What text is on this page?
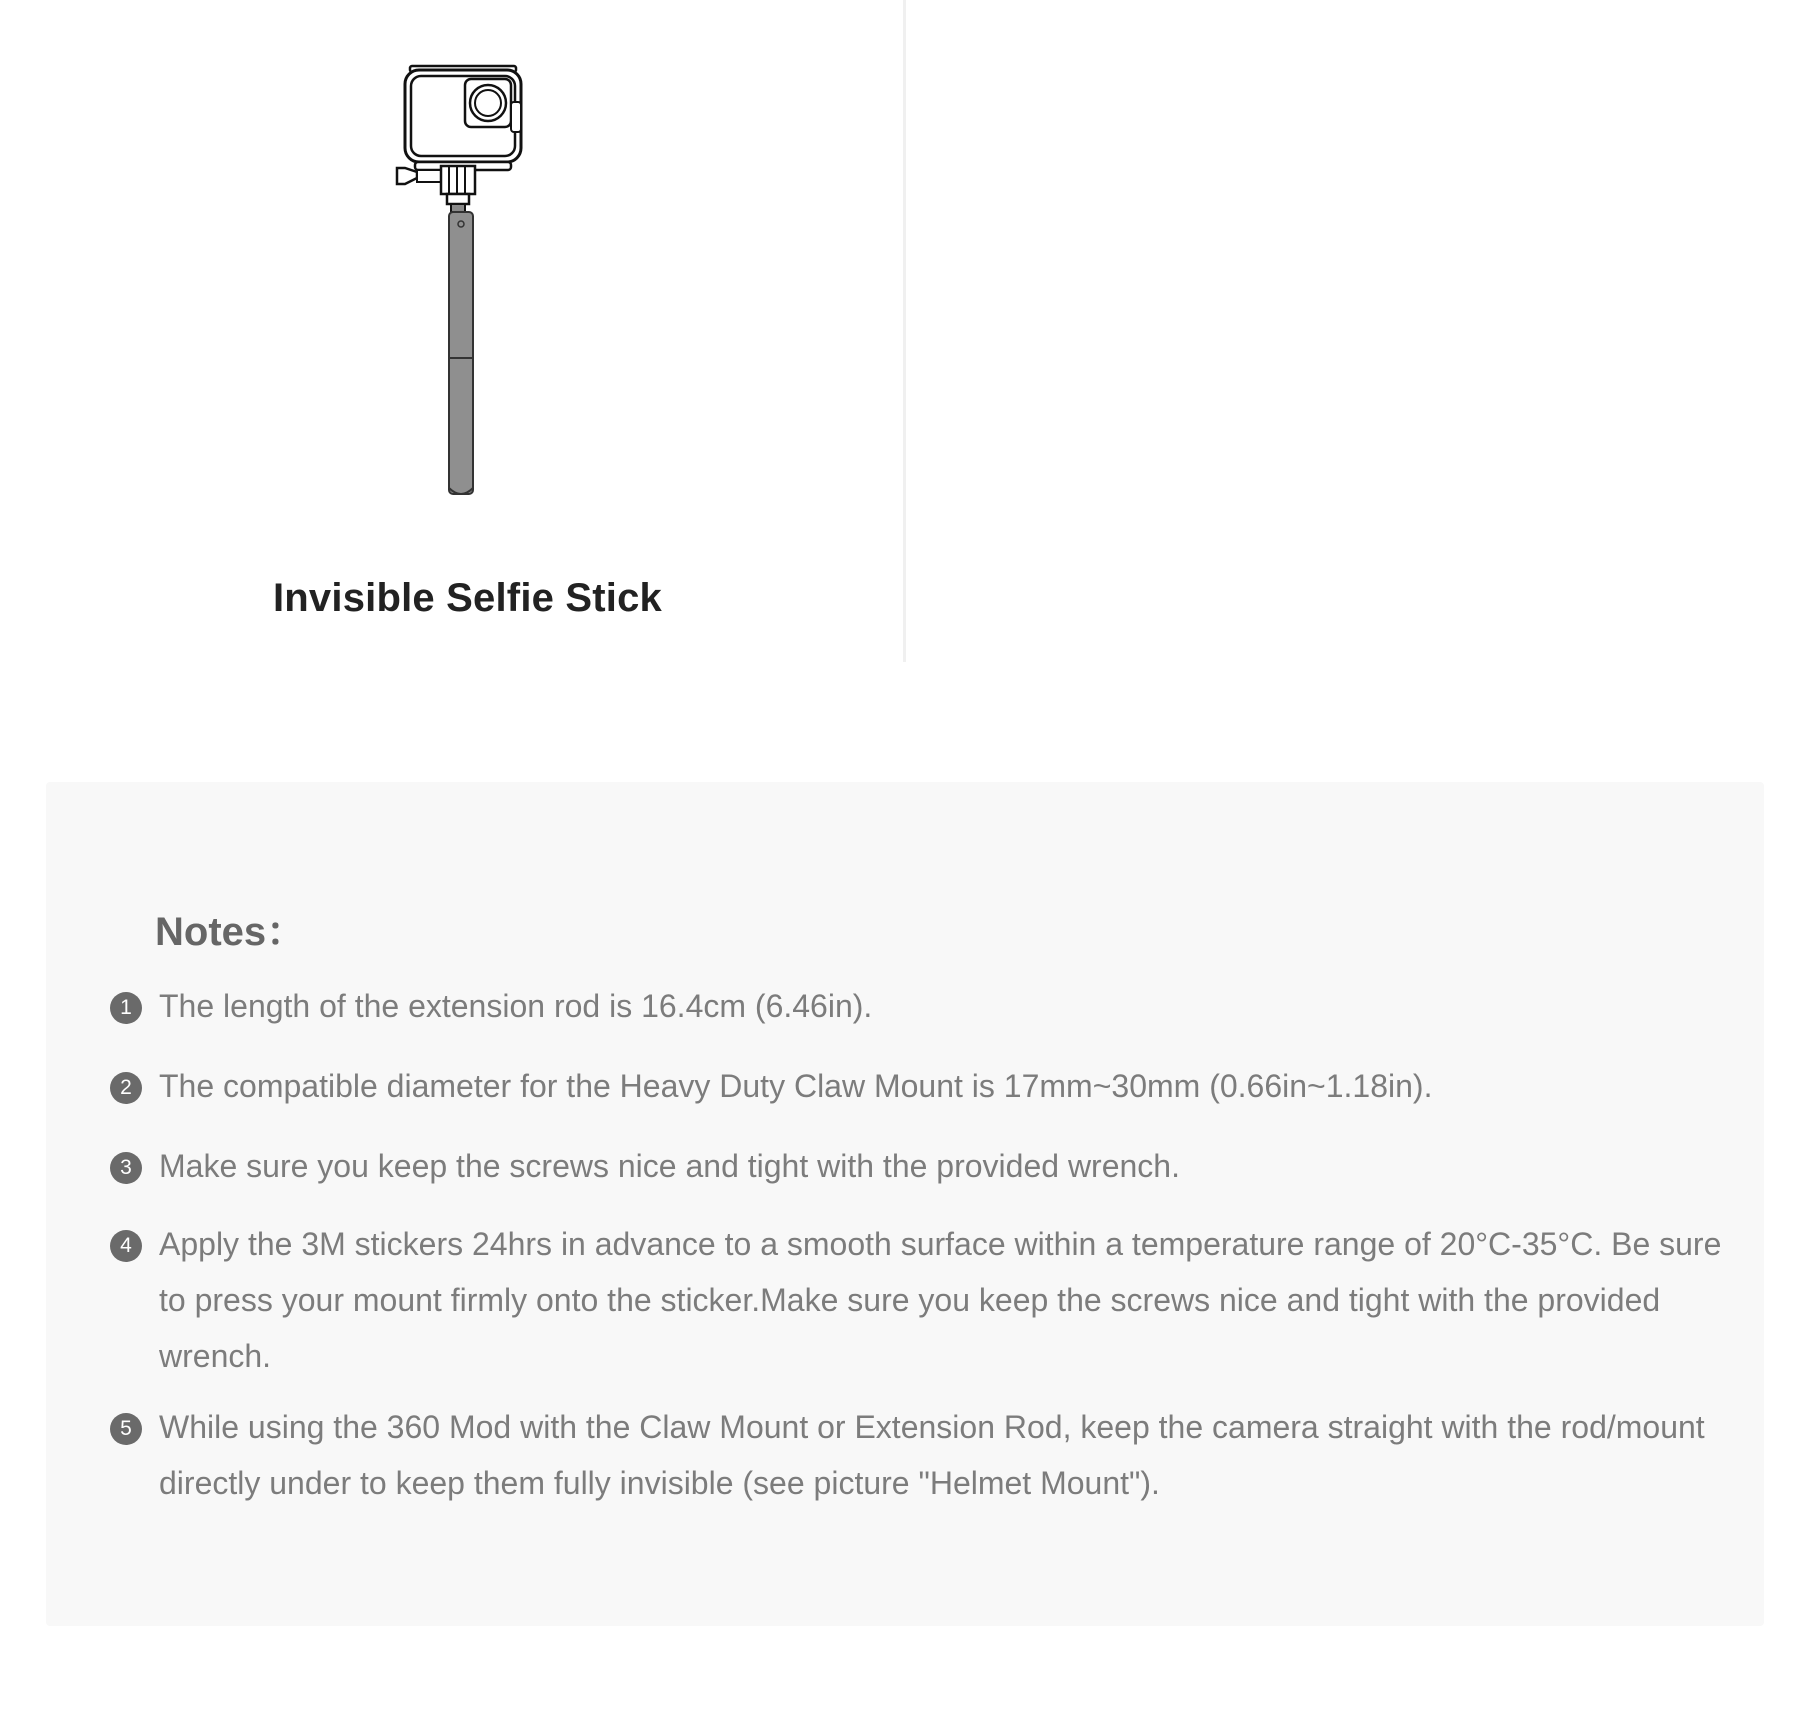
Invisible Selfie Stick
Notes：
1 The length of the extension rod is 16.4cm (6.46in).
2 The compatible diameter for the Heavy Duty Claw Mount is 17mm~30mm (0.66in~1.18in).
3 Make sure you keep the screws nice and tight with the provided wrench.
4 Apply the 3M stickers 24hrs in advance to a smooth surface within a temperature range of 20°C-35°C. Be sure to press your mount firmly onto the sticker.Make sure you keep the screws nice and tight with the provided wrench.
5 While using the 360 Mod with the Claw Mount or Extension Rod, keep the camera straight with the rod/mount directly under to keep them fully invisible (see picture "Helmet Mount").
